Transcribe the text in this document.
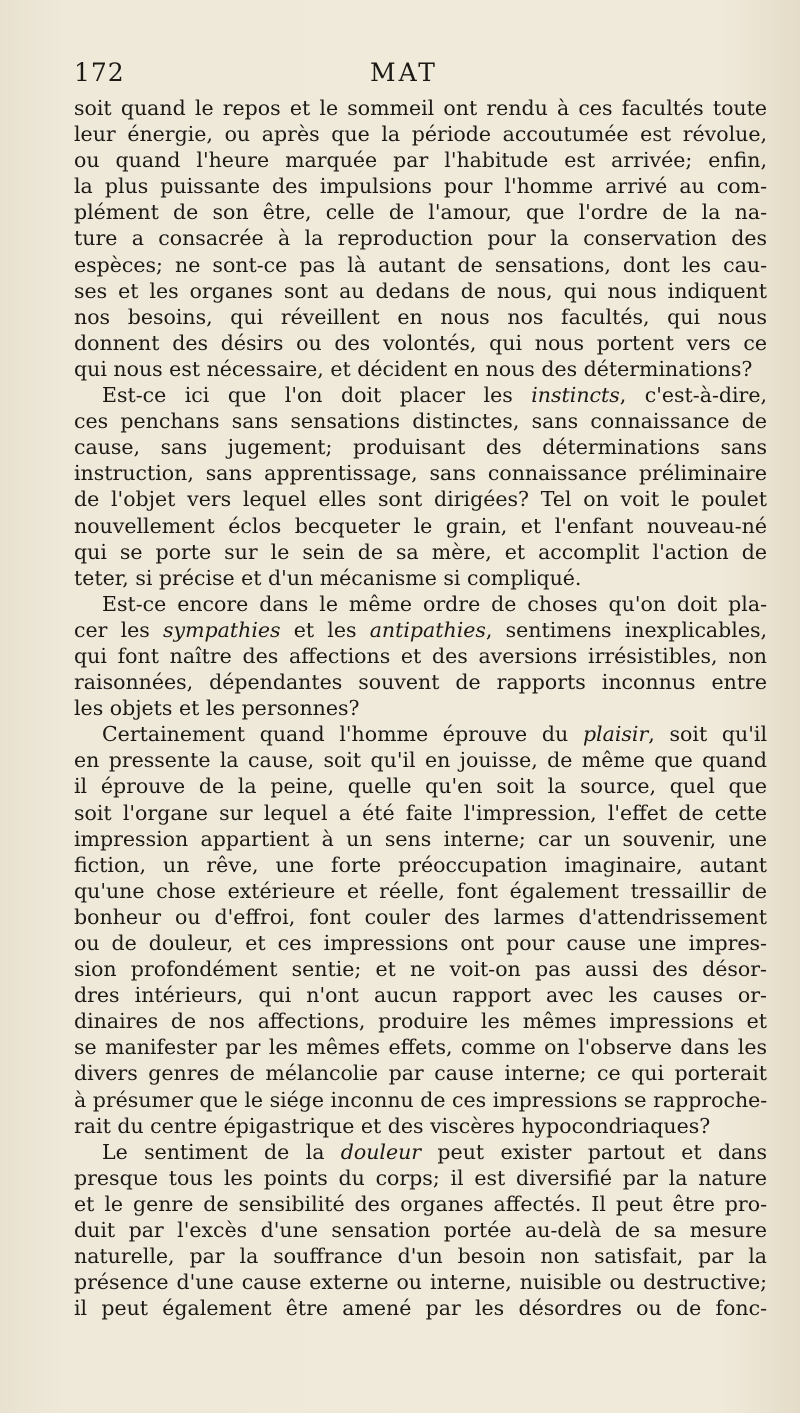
172	MAT
soit quand le repos et le sommeil ont rendu à ces facultés toute
leur énergie, ou après que la période accoutumée est révolue,
ou quand l'heure marquée par l'habitude est arrivée; enfin,
la plus puissante des impulsions pour l'homme arrivé au com-
plément de son être, celle de l'amour, que l'ordre de la na-
ture a consacrée à la reproduction pour la conservation des
espèces; ne sont-ce pas là autant de sensations, dont les cau-
ses et les organes sont au dedans de nous, qui nous indiquent
nos besoins, qui réveillent en nous nos facultés, qui nous
donnent des désirs ou des volontés, qui nous portent vers ce
qui nous est nécessaire, et décident en nous des déterminations?
Est-ce ici que l'on doit placer les instincts, c'est-à-dire,
ces penchans sans sensations distinctes, sans connaissance de
cause, sans jugement; produisant des déterminations sans
instruction, sans apprentissage, sans connaissance préliminaire
de l'objet vers lequel elles sont dirigées? Tel on voit le poulet
nouvellement éclos becqueter le grain, et l'enfant nouveau-né
qui se porte sur le sein de sa mère, et accomplit l'action de
teter, si précise et d'un mécanisme si compliqué.
Est-ce encore dans le même ordre de choses qu'on doit pla-
cer les sympathies et les antipathies, sentimens inexplicables,
qui font naître des affections et des aversions irrésistibles, non
raisonnées, dépendantes souvent de rapports inconnus entre
les objets et les personnes?
Certainement quand l'homme éprouve du plaisir, soit qu'il
en pressente la cause, soit qu'il en jouisse, de même que quand
il éprouve de la peine, quelle qu'en soit la source, quel que
soit l'organe sur lequel a été faite l'impression, l'effet de cette
impression appartient à un sens interne; car un souvenir, une
fiction, un rêve, une forte préoccupation imaginaire, autant
qu'une chose extérieure et réelle, font également tressaillir de
bonheur ou d'effroi, font couler des larmes d'attendrissement
ou de douleur, et ces impressions ont pour cause une impres-
sion profondément sentie; et ne voit-on pas aussi des désor-
dres intérieurs, qui n'ont aucun rapport avec les causes or-
dinaires de nos affections, produire les mêmes impressions et
se manifester par les mêmes effets, comme on l'observe dans les
divers genres de mélancolie par cause interne; ce qui porterait
à présumer que le siége inconnu de ces impressions se rapproche-
rait du centre épigastrique et des viscères hypocondriaques?
Le sentiment de la douleur peut exister partout et dans
presque tous les points du corps; il est diversifié par la nature
et le genre de sensibilité des organes affectés. Il peut être pro-
duit par l'excès d'une sensation portée au-delà de sa mesure
naturelle, par la souffrance d'un besoin non satisfait, par la
présence d'une cause externe ou interne, nuisible ou destructive;
il peut également être amené par les désordres ou de fonc-
